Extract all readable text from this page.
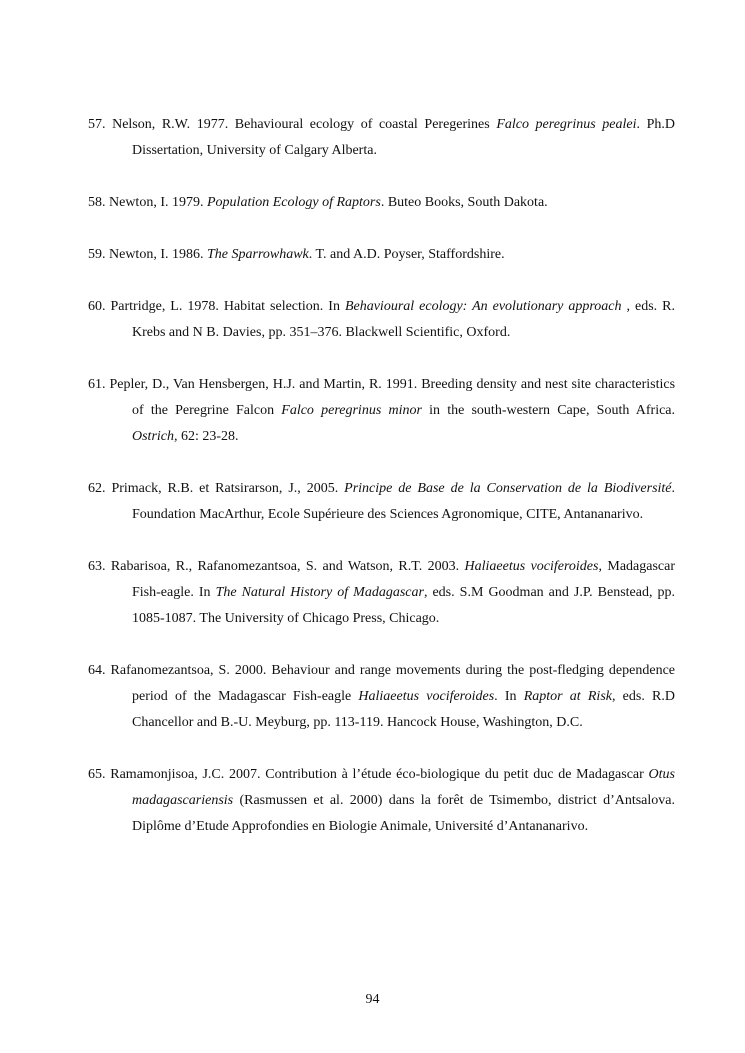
57. Nelson, R.W. 1977. Behavioural ecology of coastal Peregerines Falco peregrinus pealei. Ph.D Dissertation, University of Calgary Alberta.
58. Newton, I. 1979. Population Ecology of Raptors. Buteo Books, South Dakota.
59. Newton, I. 1986. The Sparrowhawk. T. and A.D. Poyser, Staffordshire.
60. Partridge, L. 1978. Habitat selection. In Behavioural ecology: An evolutionary approach , eds. R. Krebs and N B. Davies, pp. 351–376. Blackwell Scientific, Oxford.
61. Pepler, D., Van Hensbergen, H.J. and Martin, R. 1991. Breeding density and nest site characteristics of the Peregrine Falcon Falco peregrinus minor in the south-western Cape, South Africa. Ostrich, 62: 23-28.
62. Primack, R.B. et Ratsirarson, J., 2005. Principe de Base de la Conservation de la Biodiversité. Foundation MacArthur, Ecole Supérieure des Sciences Agronomique, CITE, Antananarivo.
63. Rabarisoa, R., Rafanomezantsoa, S. and Watson, R.T. 2003. Haliaeetus vociferoides, Madagascar Fish-eagle. In The Natural History of Madagascar, eds. S.M Goodman and J.P. Benstead, pp. 1085-1087. The University of Chicago Press, Chicago.
64. Rafanomezantsoa, S. 2000. Behaviour and range movements during the post-fledging dependence period of the Madagascar Fish-eagle Haliaeetus vociferoides. In Raptor at Risk, eds. R.D Chancellor and B.-U. Meyburg, pp. 113-119. Hancock House, Washington, D.C.
65. Ramamonjisoa, J.C. 2007. Contribution à l’étude éco-biologique du petit duc de Madagascar Otus madagascariensis (Rasmussen et al. 2000) dans la forêt de Tsimembo, district d’Antsalova. Diplôme d’Etude Approfondies en Biologie Animale, Université d’Antananarivo.
94
